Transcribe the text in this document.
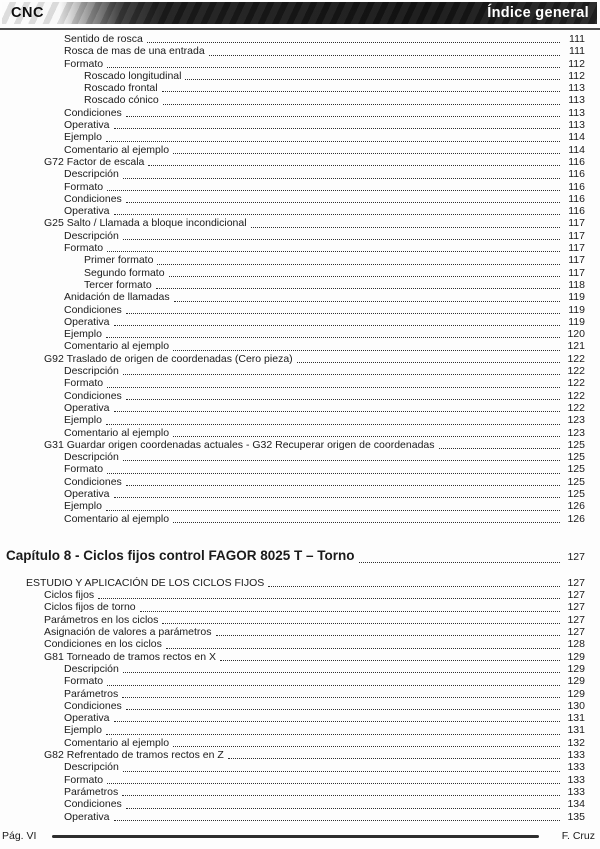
CNC	Índice general
Sentido de rosca	111
Rosca de mas de una entrada	111
Formato	112
Roscado longitudinal	112
Roscado frontal	113
Roscado cónico	113
Condiciones	113
Operativa	113
Ejemplo	114
Comentario al ejemplo	114
G72 Factor de escala	116
Descripción	116
Formato	116
Condiciones	116
Operativa	116
G25 Salto / Llamada a bloque incondicional	117
Descripción	117
Formato	117
Primer formato	117
Segundo formato	117
Tercer formato	118
Anidación de llamadas	119
Condiciones	119
Operativa	119
Ejemplo	120
Comentario al ejemplo	121
G92 Traslado de origen de coordenadas (Cero pieza)	122
Descripción	122
Formato	122
Condiciones	122
Operativa	122
Ejemplo	123
Comentario al ejemplo	123
G31 Guardar origen coordenadas actuales - G32 Recuperar origen de coordenadas	125
Descripción	125
Formato	125
Condiciones	125
Operativa	125
Ejemplo	126
Comentario al ejemplo	126
Capítulo 8 - Ciclos fijos control FAGOR 8025 T – Torno	127
ESTUDIO Y APLICACIÓN DE LOS CICLOS FIJOS	127
Ciclos fijos	127
Ciclos fijos de torno	127
Parámetros en los ciclos	127
Asignación de valores a parámetros	127
Condiciones en los ciclos	128
G81 Torneado de tramos rectos en X	129
Descripción	129
Formato	129
Parámetros	129
Condiciones	130
Operativa	131
Ejemplo	131
Comentario al ejemplo	132
G82 Refrentado de tramos rectos en Z	133
Descripción	133
Formato	133
Parámetros	133
Condiciones	134
Operativa	135
Pág. VI	F. Cruz
